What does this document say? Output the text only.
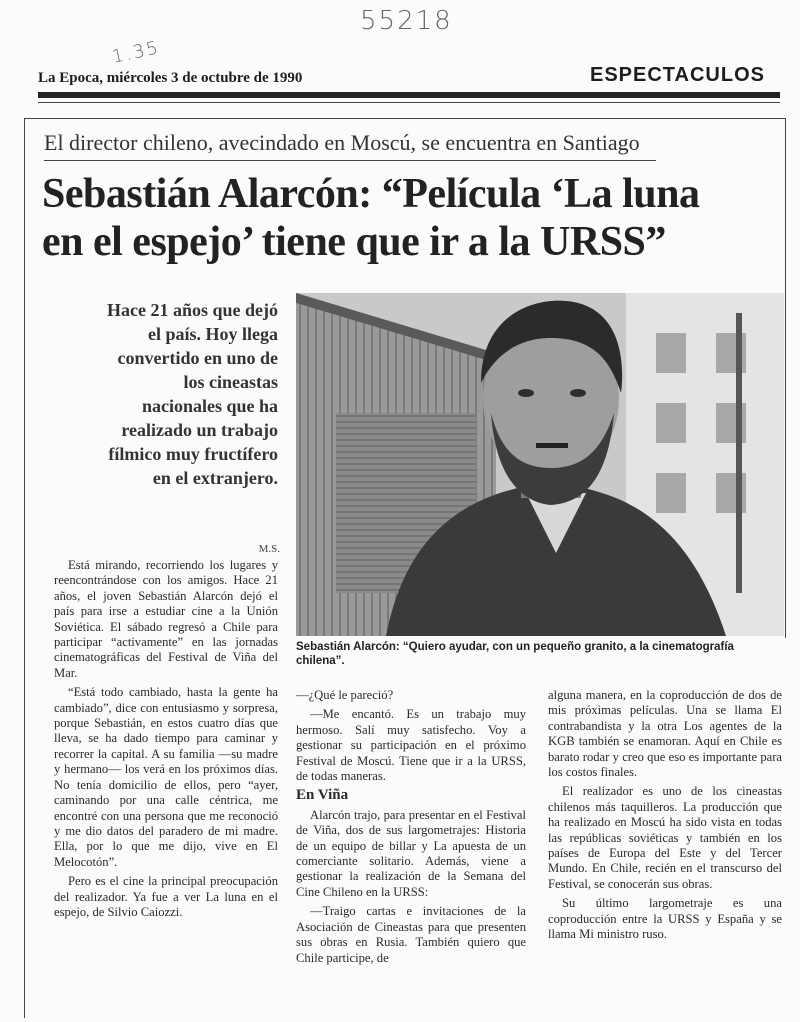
55218
1.35
La Epoca, miércoles 3 de octubre de 1990	ESPECTACULOS
El director chileno, avecindado en Moscú, se encuentra en Santiago
Sebastián Alarcón: “Película ‘La luna
en el espejo’ tiene que ir a la URSS”
Hace 21 años que dejó
el país. Hoy llega
convertido en uno de
los cineastas
nacionales que ha
realizado un trabajo
fílmico muy fructífero
en el extranjero.
Sebastián Alarcón: “Quiero ayudar, con un pequeño granito, a la cinematografía chilena”.
M.S.

Está mirando, recorriendo los lugares y reencontrándose con los amigos. Hace 21 años, el joven Sebastián Alarcón dejó el país para irse a estudiar cine a la Unión Soviética. El sábado regresó a Chile para participar “activamente” en las jornadas cinematográficas del Festival de Viña del Mar.

“Está todo cambiado, hasta la gente ha cambiado”, dice con entusiasmo y sorpresa, porque Sebastián, en estos cuatro días que lleva, se ha dado tiempo para caminar y recorrer la capital. A su familia —su madre y hermano— los verá en los próximos días. No tenía domicilio de ellos, pero “ayer, caminando por una calle céntrica, me encontré con una persona que me reconoció y me dio datos del paradero de mi madre. Ella, por lo que me dijo, vive en El Melocotón”.

Pero es el cine la principal preocupación del realizador. Ya fue a ver La luna en el espejo, de Silvio Caiozzi.

—¿Qué le pareció?

—Me encantó. Es un trabajo muy hermoso. Salí muy satisfecho. Voy a gestionar su participación en el próximo Festival de Moscú. Tiene que ir a la URSS, de todas maneras.

En Viña

Alarcón trajo, para presentar en el Festival de Viña, dos de sus largometrajes: Historia de un equipo de billar y La apuesta de un comerciante solitario. Además, viene a gestionar la realización de la Semana del Cine Chileno en la URSS:

—Traigo cartas e invitaciones de la Asociación de Cineastas para que presenten sus obras en Rusia. También quiero que Chile participe, de

alguna manera, en la coproducción de dos de mis próximas películas. Una se llama El contrabandista y la otra Los agentes de la KGB también se enamoran. Aquí en Chile es barato rodar y creo que eso es importante para los costos finales.

El realizador es uno de los cineastas chilenos más taquilleros. La producción que ha realizado en Moscú ha sido vista en todas las repúblicas soviéticas y también en los países de Europa del Este y del Tercer Mundo. En Chile, recién en el transcurso del Festival, se conocerán sus obras.

Su último largometraje es una coproducción entre la URSS y España y se llama Mi ministro ruso.
